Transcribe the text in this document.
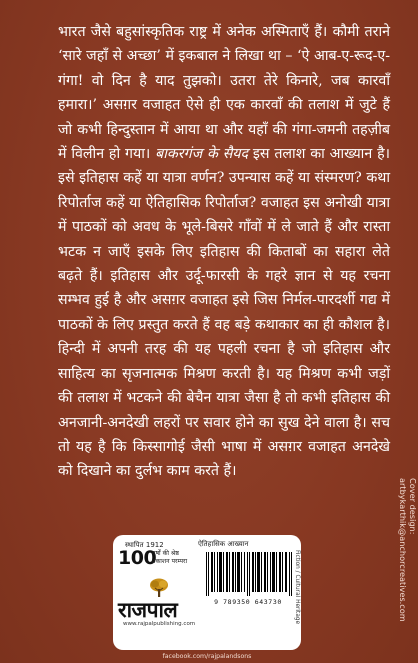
भारत जैसे बहुसांस्कृतिक राष्ट्र में अनेक अस्मिताएँ हैं। कौमी तराने ‘सारे जहाँ से अच्छा’ में इकबाल ने लिखा था – ‘ऐ आब-ए-रूद-ए-गंगा! वो दिन है याद तुझको। उतरा तेरे किनारे, जब कारवाँ हमारा।’ असग़र वजाहत ऐसे ही एक कारवाँ की तलाश में जुटे हैं जो कभी हिन्दुस्तान में आया था और यहाँ की गंगा-जमनी तहज़ीब में विलीन हो गया। बाकरगंज के सैयद इस तलाश का आख्यान है। इसे इतिहास कहें या यात्रा वर्णन? उपन्यास कहें या संस्मरण? कथा रिपोर्ताज कहें या ऐतिहासिक रिपोर्ताज? वजाहत इस अनोखी यात्रा में पाठकों को अवध के भूले-बिसरे गाँवों में ले जाते हैं और रास्ता भटक न जाएँ इसके लिए इतिहास की किताबों का सहारा लेते बढ़ते हैं। इतिहास और उर्दू-फारसी के गहरे ज्ञान से यह रचना सम्भव हुई है और असग़र वजाहत इसे जिस निर्मल-पारदर्शी गद्य में पाठकों के लिए प्रस्तुत करते हैं वह बड़े कथाकार का ही कौशल है। हिन्दी में अपनी तरह की यह पहली रचना है जो इतिहास और साहित्य का सृजनात्मक मिश्रण करती है। यह मिश्रण कभी जड़ों की तलाश में भटकने की बेचैन यात्रा जैसा है तो कभी इतिहास की अनजानी-अनदेखी लहरों पर सवार होने का सुख देने वाला है। सच तो यह है कि किस्सागोई जैसी भाषा में असग़र वजाहत अनदेखे को दिखाने का दुर्लभ काम करते हैं।
Cover design:
artbykarthik@anchorcreatives.com
स्थापित 1912
100
वर्षों की श्रेष्ठ प्रकाशन परम्परा
राजपाल
www.rajpalpublishing.com
ऐतिहासिक आख्यान
9 789350 643730	Fiction / Cultural Heritage
facebook.com/rajpalandsons
